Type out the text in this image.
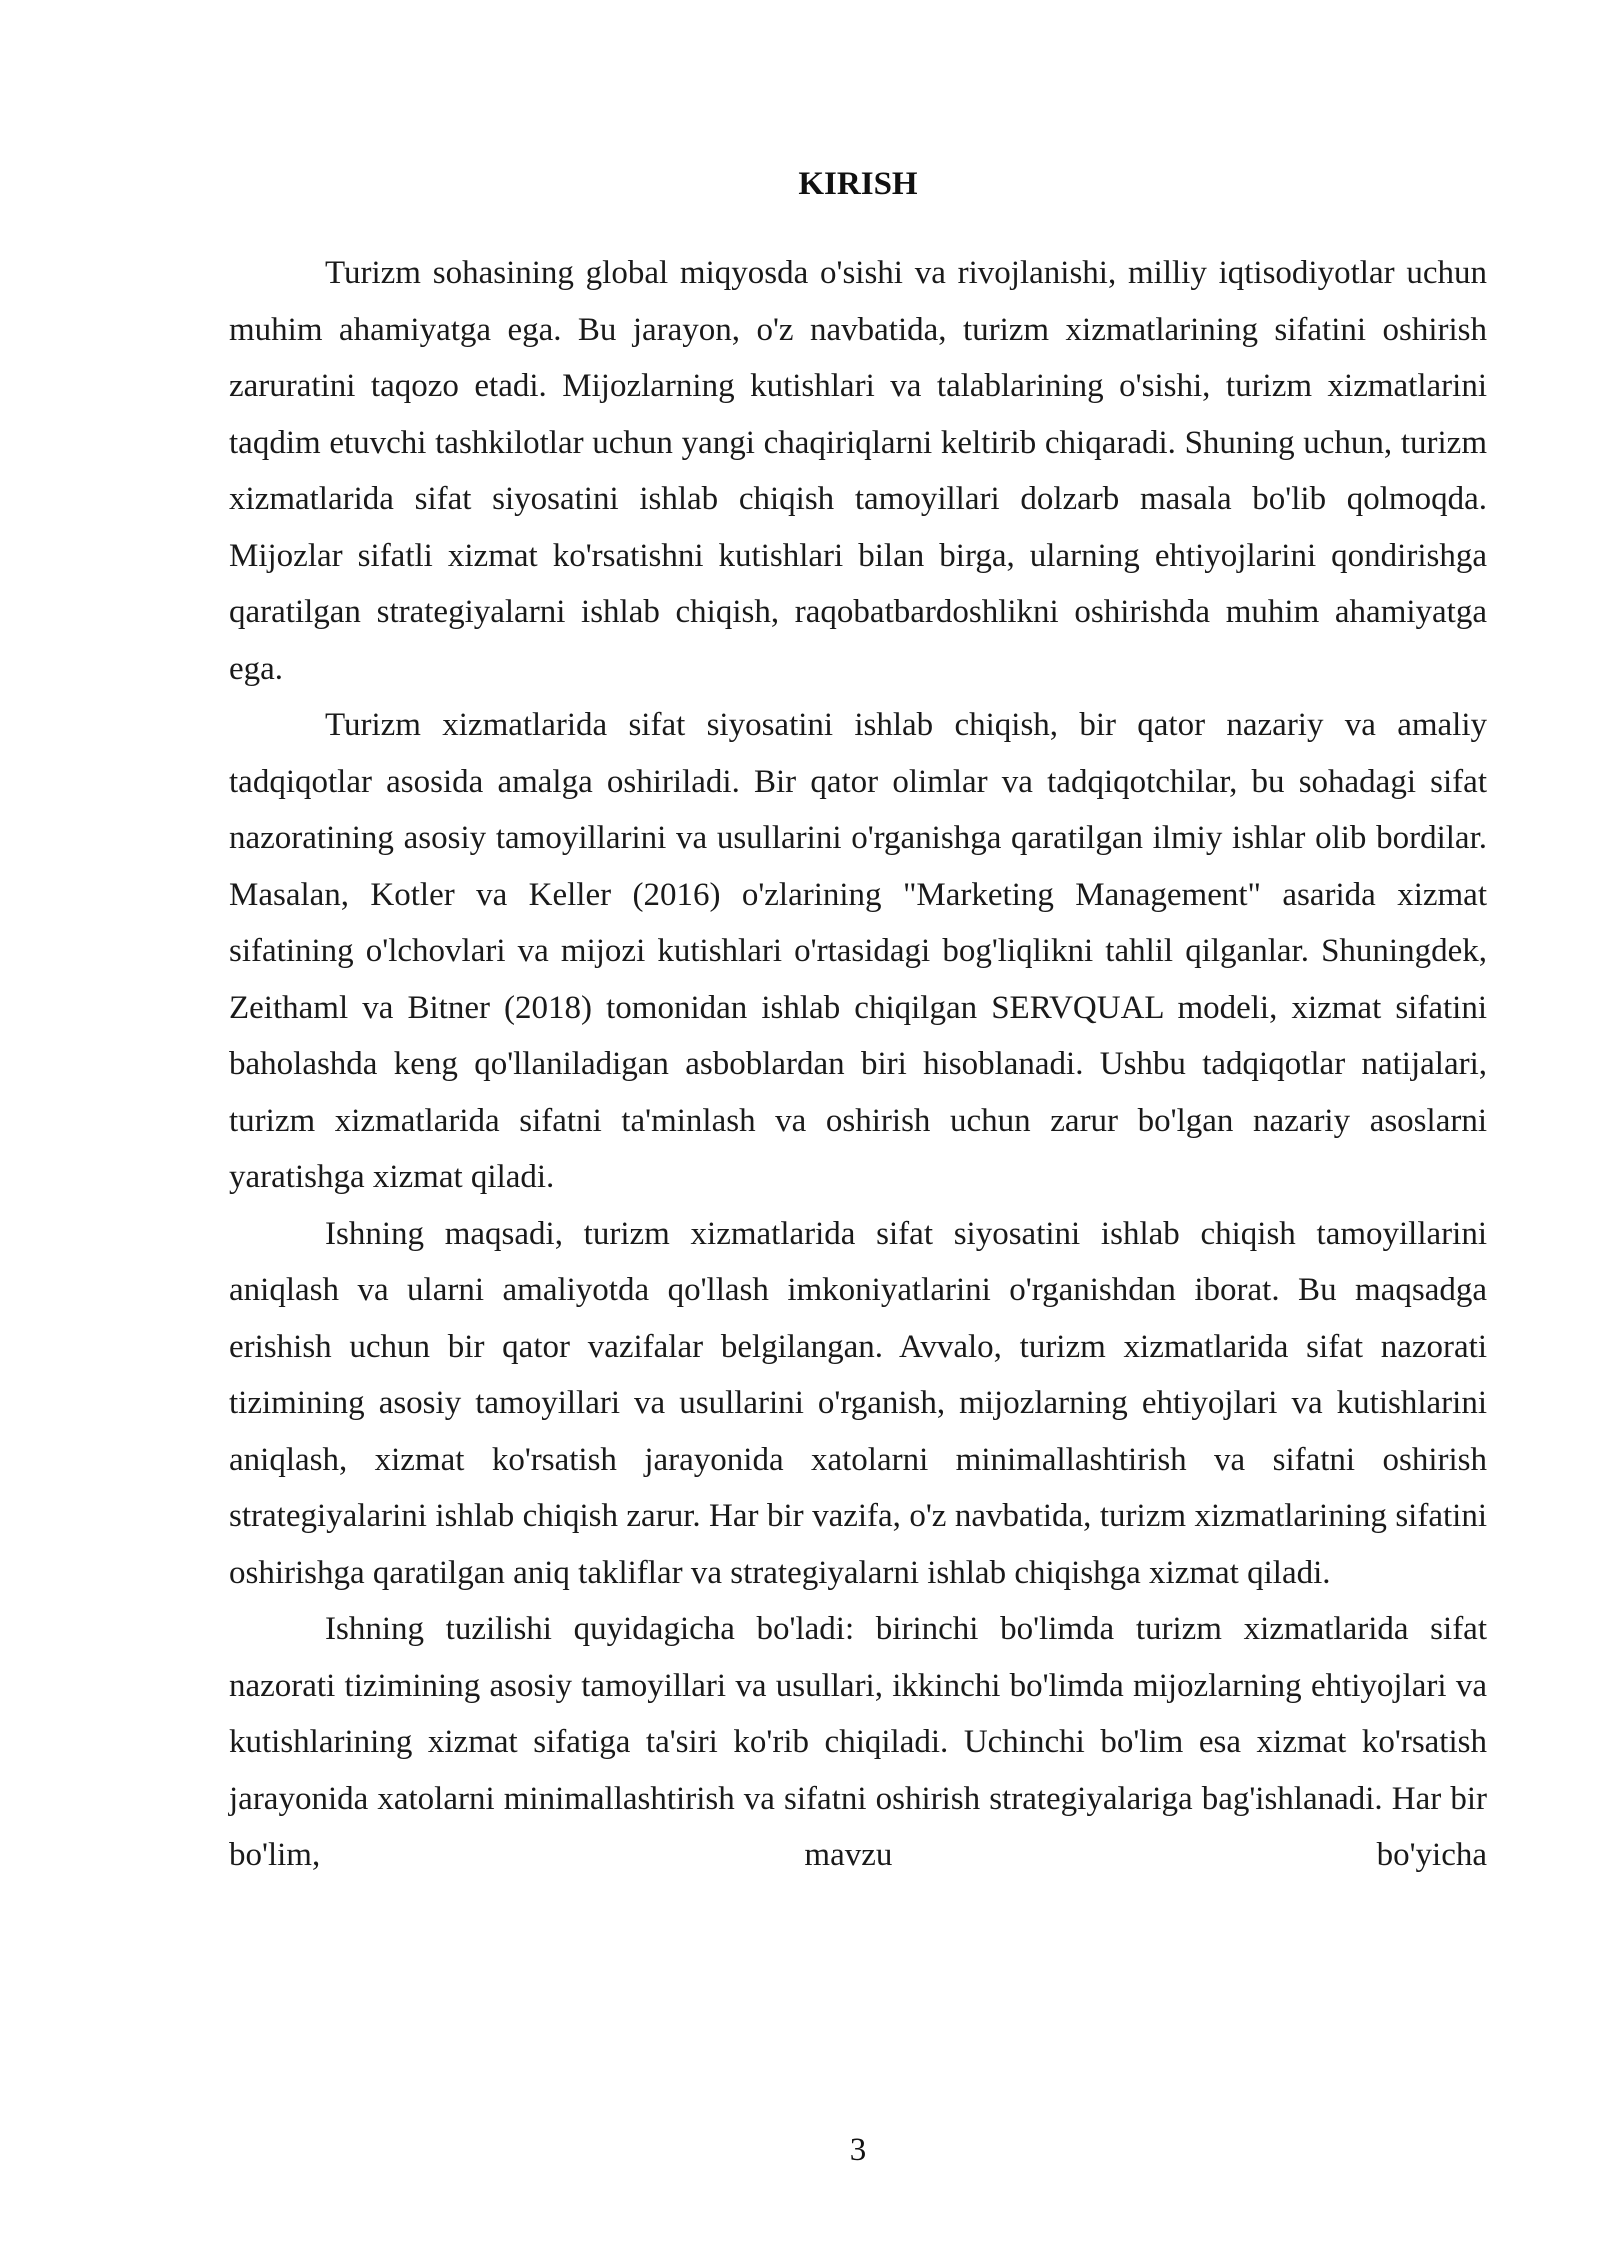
KIRISH

Turizm sohasining global miqyosda o'sishi va rivojlanishi, milliy iqtisodiyotlar uchun muhim ahamiyatga ega. Bu jarayon, o'z navbatida, turizm xizmatlarining sifatini oshirish zaruratini taqozo etadi. Mijozlarning kutishlari va talablarining o'sishi, turizm xizmatlarini taqdim etuvchi tashkilotlar uchun yangi chaqiriqlarni keltirib chiqaradi. Shuning uchun, turizm xizmatlarida sifat siyosatini ishlab chiqish tamoyillari dolzarb masala bo'lib qolmoqda. Mijozlar sifatli xizmat ko'rsatishni kutishlari bilan birga, ularning ehtiyojlarini qondirishga qaratilgan strategiyalarni ishlab chiqish, raqobatbardoshlikni oshirishda muhim ahamiyatga ega.

Turizm xizmatlarida sifat siyosatini ishlab chiqish, bir qator nazariy va amaliy tadqiqotlar asosida amalga oshiriladi. Bir qator olimlar va tadqiqotchilar, bu sohadagi sifat nazoratining asosiy tamoyillarini va usullarini o'rganishga qaratilgan ilmiy ishlar olib bordilar. Masalan, Kotler va Keller (2016) o'zlarining "Marketing Management" asarida xizmat sifatining o'lchovlari va mijozi kutishlari o'rtasidagi bog'liqlikni tahlil qilganlar. Shuningdek, Zeithaml va Bitner (2018) tomonidan ishlab chiqilgan SERVQUAL modeli, xizmat sifatini baholashda keng qo'llaniladigan asboblardan biri hisoblanadi. Ushbu tadqiqotlar natijalari, turizm xizmatlarida sifatni ta'minlash va oshirish uchun zarur bo'lgan nazariy asoslarni yaratishga xizmat qiladi.

Ishning maqsadi, turizm xizmatlarida sifat siyosatini ishlab chiqish tamoyillarini aniqlash va ularni amaliyotda qo'llash imkoniyatlarini o'rganishdan iborat. Bu maqsadga erishish uchun bir qator vazifalar belgilangan. Avvalo, turizm xizmatlarida sifat nazorati tizimining asosiy tamoyillari va usullarini o'rganish, mijozlarning ehtiyojlari va kutishlarini aniqlash, xizmat ko'rsatish jarayonida xatolarni minimallashtirish va sifatni oshirish strategiyalarini ishlab chiqish zarur. Har bir vazifa, o'z navbatida, turizm xizmatlarining sifatini oshirishga qaratilgan aniq takliflar va strategiyalarni ishlab chiqishga xizmat qiladi.

Ishning tuzilishi quyidagicha bo'ladi: birinchi bo'limda turizm xizmatlarida sifat nazorati tizimining asosiy tamoyillari va usullari, ikkinchi bo'limda mijozlarning ehtiyojlari va kutishlarining xizmat sifatiga ta'siri ko'rib chiqiladi. Uchinchi bo'lim esa xizmat ko'rsatish jarayonida xatolarni minimallashtirish va sifatni oshirish strategiyalariga bag'ishlanadi. Har bir bo'lim, mavzu bo'yicha

3
